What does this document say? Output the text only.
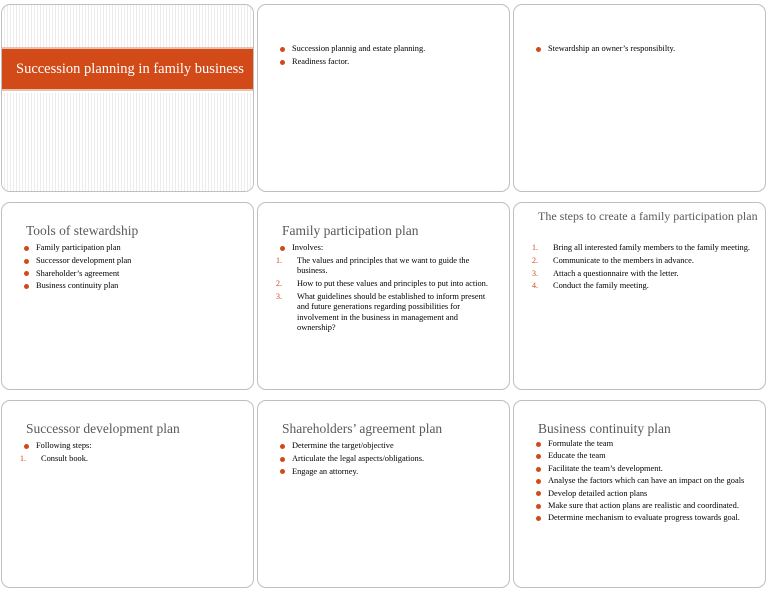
Succession planning in family business
Succession plannig and estate planning.
Readiness factor.
Stewardship an owner’s responsibilty.
Tools of stewardship
Family participation plan
Successor development plan
Shareholder’s agreement
Business continuity plan
Family participation plan
Involves:
1.	The values and principles that we want to guide the business.
2.	How to put these values and principles to put into action.
3.	What guidelines should be established to inform present and future generations regarding possibilities for involvement in the business in management and ownership?
The steps to create a family participation plan
1.	Bring all interested family members to the family meeting.
2.	Communicate to the members in advance.
3.	Attach a questionnaire with the letter.
4.	Conduct the family meeting.
Successor development plan
Following steps:
1.	Consult book.
Shareholders’ agreement plan
Determine the target/objective
Articulate the legal aspects/obligations.
Engage an attorney.
Business continuity plan
Formulate the team
Educate the team
Facilitate the team’s development.
Analyse the factors which can have an impact on the goals
Develop detailed action plans
Make sure that action plans are realistic and coordinated.
Determine mechanism to evaluate progress towards goal.
